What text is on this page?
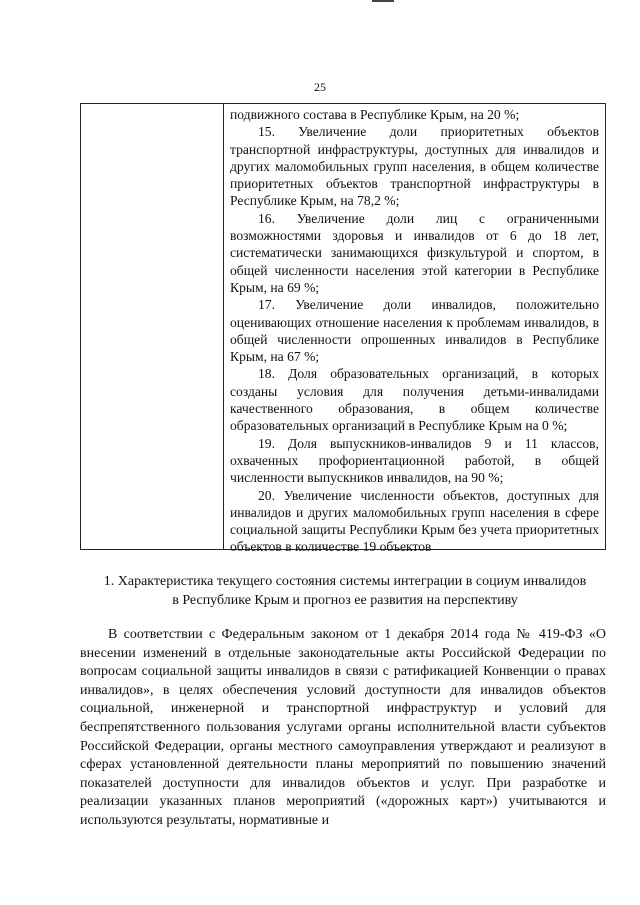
25

подвижного состава в Республике Крым, на 20 %;

15. Увеличение доли приоритетных объектов транспортной инфраструктуры, доступных для инвалидов и других маломобильных групп населения, в общем количестве приоритетных объектов транспортной инфраструктуры в Республике Крым, на 78,2 %;

16. Увеличение доли лиц с ограниченными возможностями здоровья и инвалидов от 6 до 18 лет, систематически занимающихся физкультурой и спортом, в общей численности населения этой категории в Республике Крым, на 69 %;

17. Увеличение доли инвалидов, положительно оценивающих отношение населения к проблемам инвалидов, в общей численности опрошенных инвалидов в Республике Крым, на 67 %;

18. Доля образовательных организаций, в которых созданы условия для получения детьми-инвалидами качественного образования, в общем количестве образовательных организаций в Республике Крым на 0 %;

19. Доля выпускников-инвалидов 9 и 11 классов, охваченных профориентационной работой, в общей численности выпускников инвалидов, на 90 %;

20. Увеличение численности объектов, доступных для инвалидов и других маломобильных групп населения в сфере социальной защиты Республики Крым без учета приоритетных объектов в количестве 19 объектов

1. Характеристика текущего состояния системы интеграции в социум инвалидов в Республике Крым и прогноз ее развития на перспективу

В соответствии с Федеральным законом от 1 декабря 2014 года № 419-ФЗ «О внесении изменений в отдельные законодательные акты Российской Федерации по вопросам социальной защиты инвалидов в связи с ратификацией Конвенции о правах инвалидов», в целях обеспечения условий доступности для инвалидов объектов социальной, инженерной и транспортной инфраструктур и условий для беспрепятственного пользования услугами органы исполнительной власти субъектов Российской Федерации, органы местного самоуправления утверждают и реализуют в сферах установленной деятельности планы мероприятий по повышению значений показателей доступности для инвалидов объектов и услуг. При разработке и реализации указанных планов мероприятий («дорожных карт») учитываются и используются результаты, нормативные и
